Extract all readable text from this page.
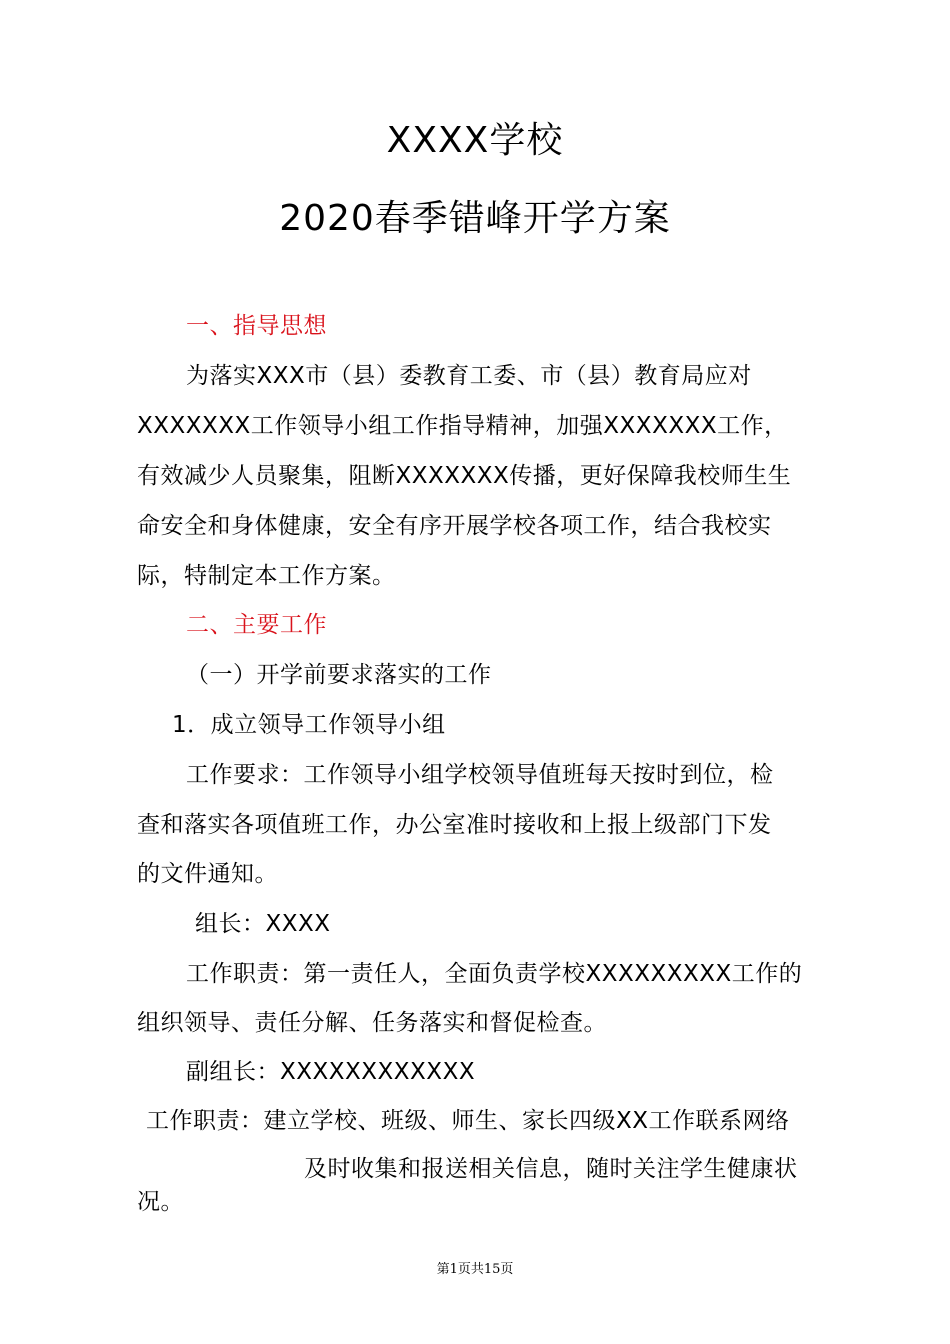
XXXX学校
2020春季错峰开学方案
一、指导思想
为落实XXX市（县）委教育工委、市（县）教育局应对
XXXXXXX工作领导小组工作指导精神，加强XXXXXXX工作，
有效减少人员聚集，阻断XXXXXXX传播，更好保障我校师生生
命安全和身体健康，安全有序开展学校各项工作，结合我校实
际，特制定本工作方案。
二、主要工作
（一）开学前要求落实的工作
1．成立领导工作领导小组
工作要求：工作领导小组学校领导值班每天按时到位，检
查和落实各项值班工作，办公室准时接收和上报上级部门下发
的文件通知。
组长：XXXX
工作职责：第一责任人，全面负责学校XXXXXXXXX工作的
组织领导、责任分解、任务落实和督促检查。
副组长：XXXXXXXXXXXX
工作职责：建立学校、班级、师生、家长四级XX工作联系网络
及时收集和报送相关信息，随时关注学生健康状
况。
第1页共15页
